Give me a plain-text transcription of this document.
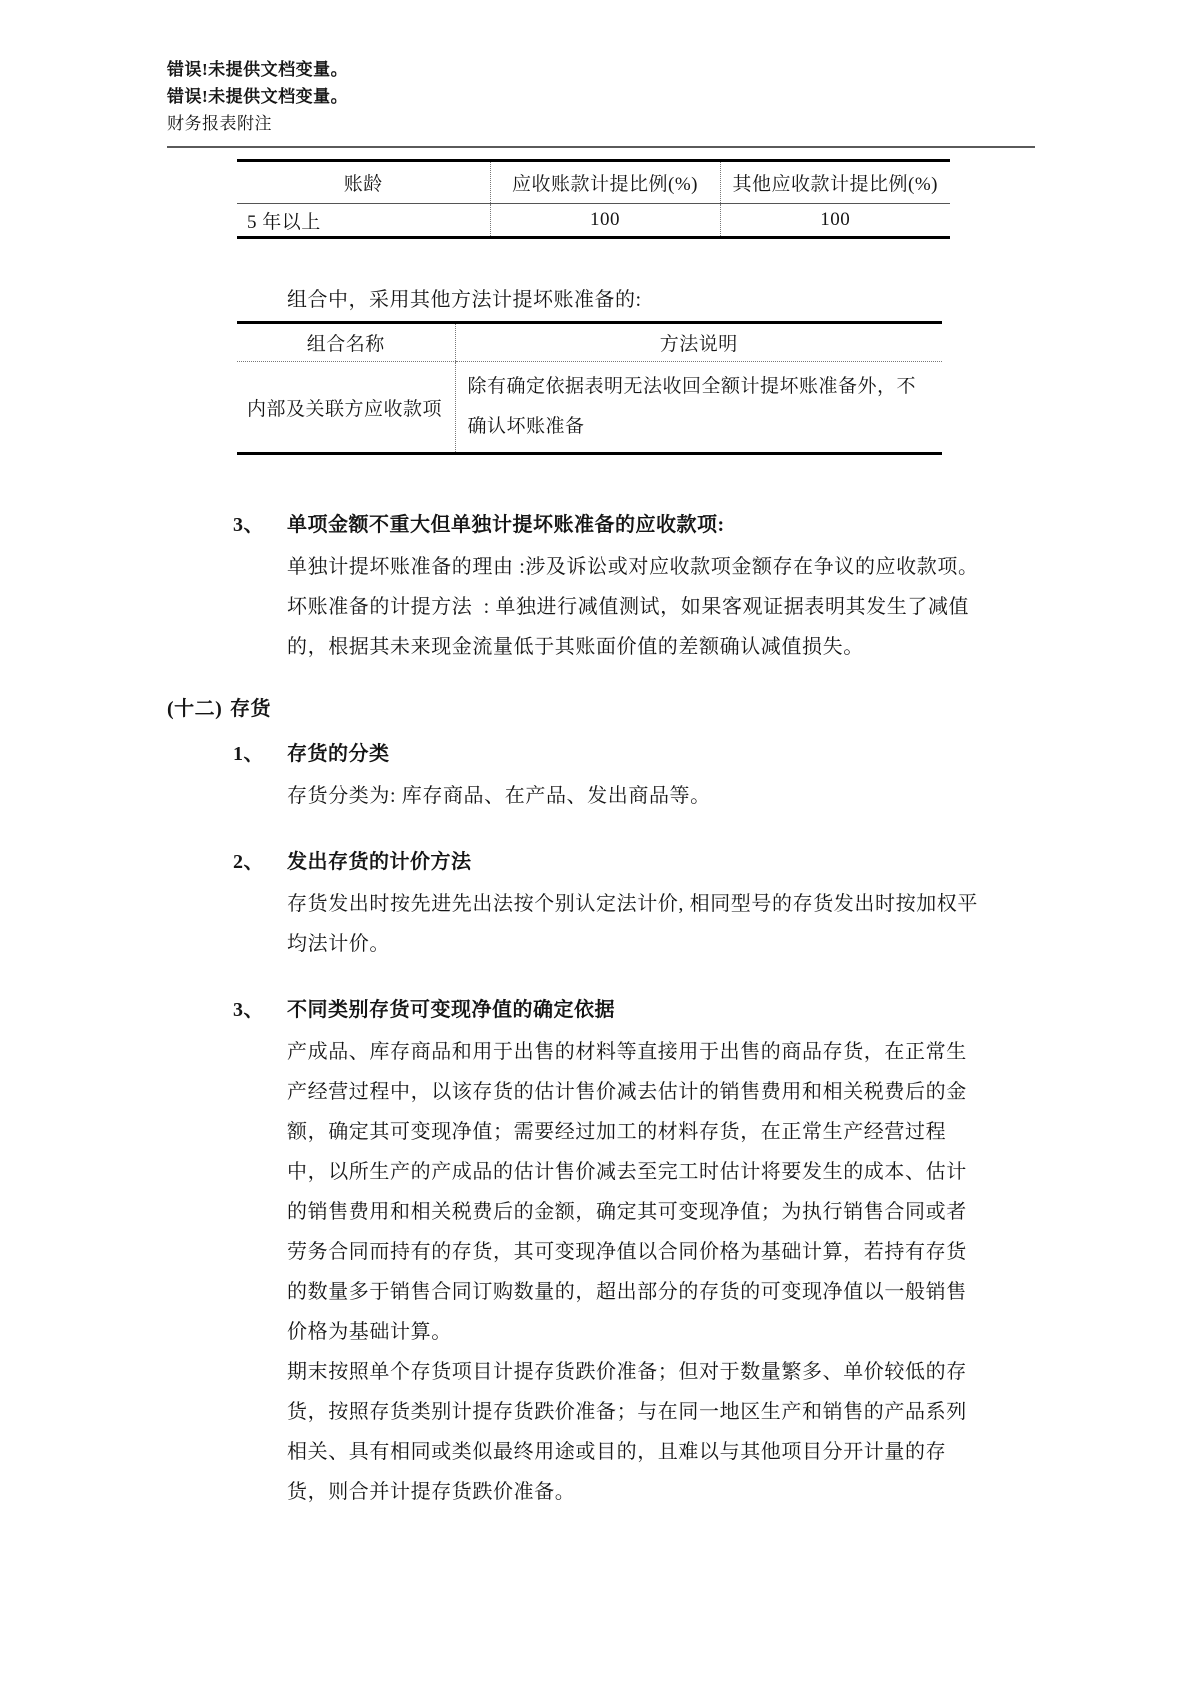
错误!未提供文档变量。
错误!未提供文档变量。
财务报表附注
账龄	应收账款计提比例(%)	其他应收款计提比例(%)
5 年以上	100	100
组合中，采用其他方法计提坏账准备的:
组合名称	方法说明
内部及关联方应收款项	除有确定依据表明无法收回全额计提坏账准备外，不确认坏账准备
3、	单项金额不重大但单独计提坏账准备的应收款项:
单独计提坏账准备的理由 :涉及诉讼或对应收款项金额存在争议的应收款项。
坏账准备的计提方法  : 单独进行减值测试，如果客观证据表明其发生了减值
的，根据其未来现金流量低于其账面价值的差额确认减值损失。
(十二) 存货
1、	存货的分类
存货分类为: 库存商品、在产品、发出商品等。
2、	发出存货的计价方法
存货发出时按先进先出法按个别认定法计价, 相同型号的存货发出时按加权平
均法计价。
3、	不同类别存货可变现净值的确定依据
产成品、库存商品和用于出售的材料等直接用于出售的商品存货，在正常生
产经营过程中，以该存货的估计售价减去估计的销售费用和相关税费后的金
额，确定其可变现净值；需要经过加工的材料存货，在正常生产经营过程
中，以所生产的产成品的估计售价减去至完工时估计将要发生的成本、估计
的销售费用和相关税费后的金额，确定其可变现净值；为执行销售合同或者
劳务合同而持有的存货，其可变现净值以合同价格为基础计算，若持有存货
的数量多于销售合同订购数量的，超出部分的存货的可变现净值以一般销售
价格为基础计算。
期末按照单个存货项目计提存货跌价准备；但对于数量繁多、单价较低的存
货，按照存货类别计提存货跌价准备；与在同一地区生产和销售的产品系列
相关、具有相同或类似最终用途或目的，且难以与其他项目分开计量的存
货，则合并计提存货跌价准备。
